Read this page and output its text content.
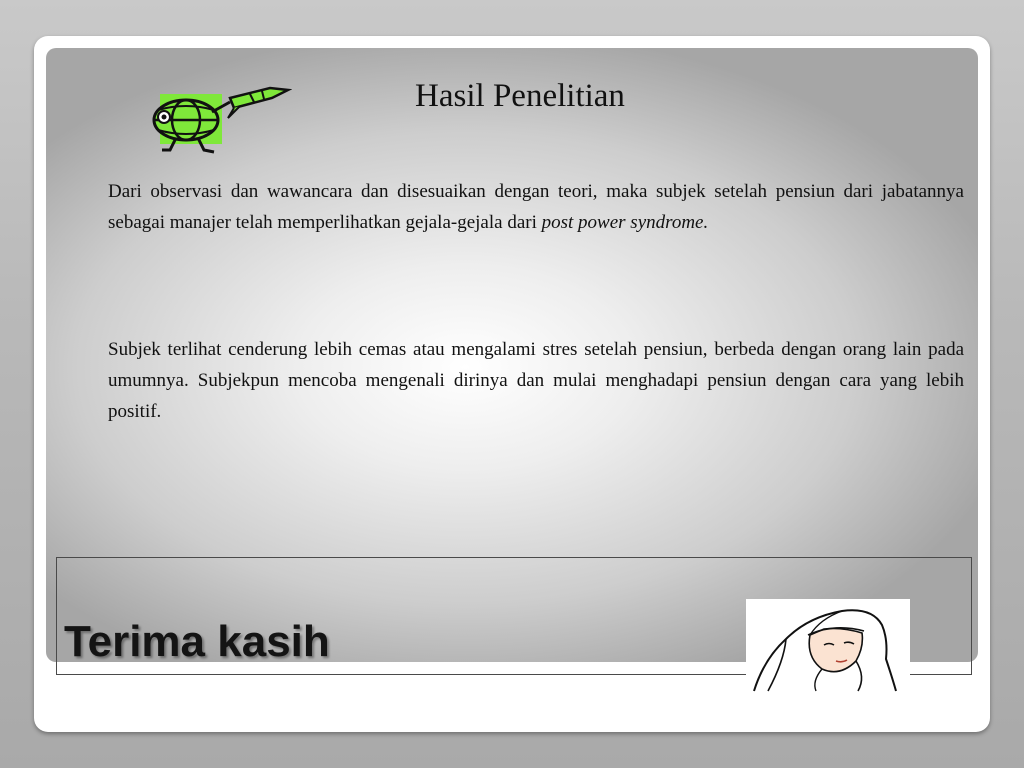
Hasil Penelitian

Dari observasi dan wawancara dan disesuaikan dengan teori, maka subjek setelah pensiun dari jabatannya sebagai manajer telah memperlihatkan gejala-gejala dari post power syndrome.

Subjek terlihat cenderung lebih cemas atau mengalami stres setelah pensiun, berbeda dengan orang lain pada umumnya. Subjekpun mencoba mengenali dirinya dan mulai menghadapi pensiun dengan cara yang lebih positif.

Terima kasih
